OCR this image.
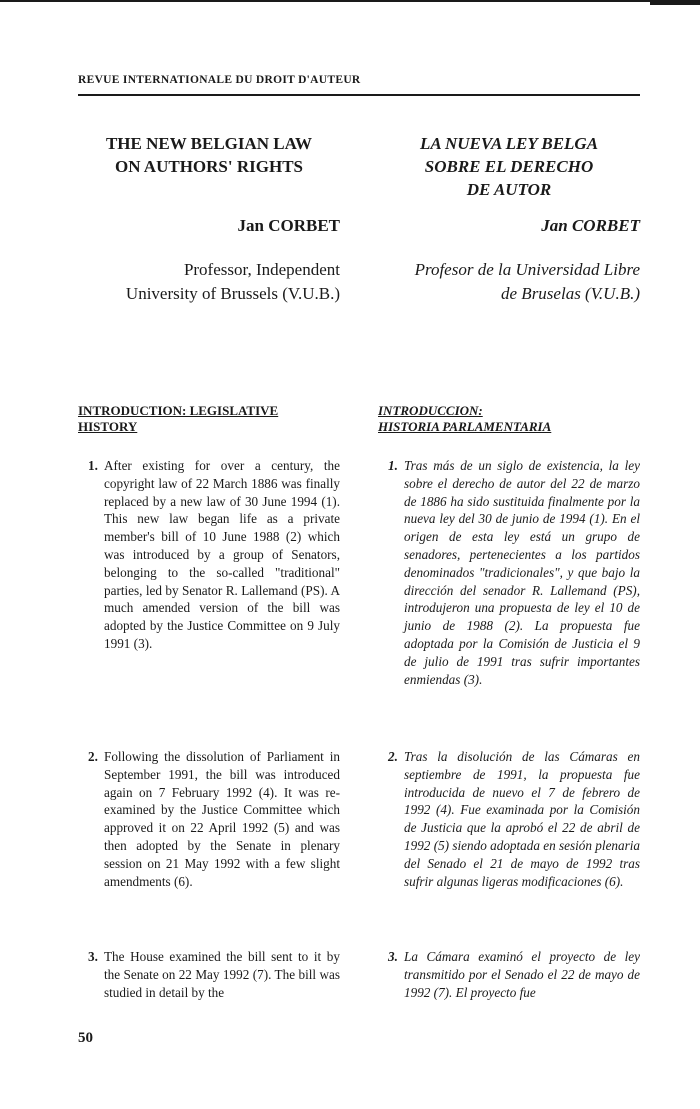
REVUE INTERNATIONALE DU DROIT D'AUTEUR
THE NEW BELGIAN LAW
ON AUTHORS' RIGHTS
LA NUEVA LEY BELGA
SOBRE EL DERECHO
DE AUTOR
Jan CORBET	Jan CORBET
Professor, Independent
University of Brussels (V.U.B.)
Profesor de la Universidad Libre
de Bruselas (V.U.B.)
INTRODUCTION: LEGISLATIVE
HISTORY
INTRODUCCION:
HISTORIA PARLAMENTARIA
1. After existing for over a century, the copyright law of 22 March 1886 was finally replaced by a new law of 30 June 1994 (1). This new law began life as a private member's bill of 10 June 1988 (2) which was introduced by a group of Senators, belonging to the so-called "traditional" parties, led by Senator R. Lallemand (PS). A much amended version of the bill was adopted by the Justice Committee on 9 July 1991 (3).
2. Following the dissolution of Parliament in September 1991, the bill was introduced again on 7 February 1992 (4). It was re-examined by the Justice Committee which approved it on 22 April 1992 (5) and was then adopted by the Senate in plenary session on 21 May 1992 with a few slight amendments (6).
3. The House examined the bill sent to it by the Senate on 22 May 1992 (7). The bill was studied in detail by the
1. Tras más de un siglo de existencia, la ley sobre el derecho de autor del 22 de marzo de 1886 ha sido sustituida finalmente por la nueva ley del 30 de junio de 1994 (1). En el origen de esta ley está un grupo de senadores, pertenecientes a los partidos denominados "tradicionales", y que bajo la dirección del senador R. Lallemand (PS), introdujeron una propuesta de ley el 10 de junio de 1988 (2). La propuesta fue adoptada por la Comisión de Justicia el 9 de julio de 1991 tras sufrir importantes enmiendas (3).
2. Tras la disolución de las Cámaras en septiembre de 1991, la propuesta fue introducida de nuevo el 7 de febrero de 1992 (4). Fue examinada por la Comisión de Justicia que la aprobó el 22 de abril de 1992 (5) siendo adoptada en sesión plenaria del Senado el 21 de mayo de 1992 tras sufrir algunas ligeras modificaciones (6).
3. La Cámara examinó el proyecto de ley transmitido por el Senado el 22 de mayo de 1992 (7). El proyecto fue
50
